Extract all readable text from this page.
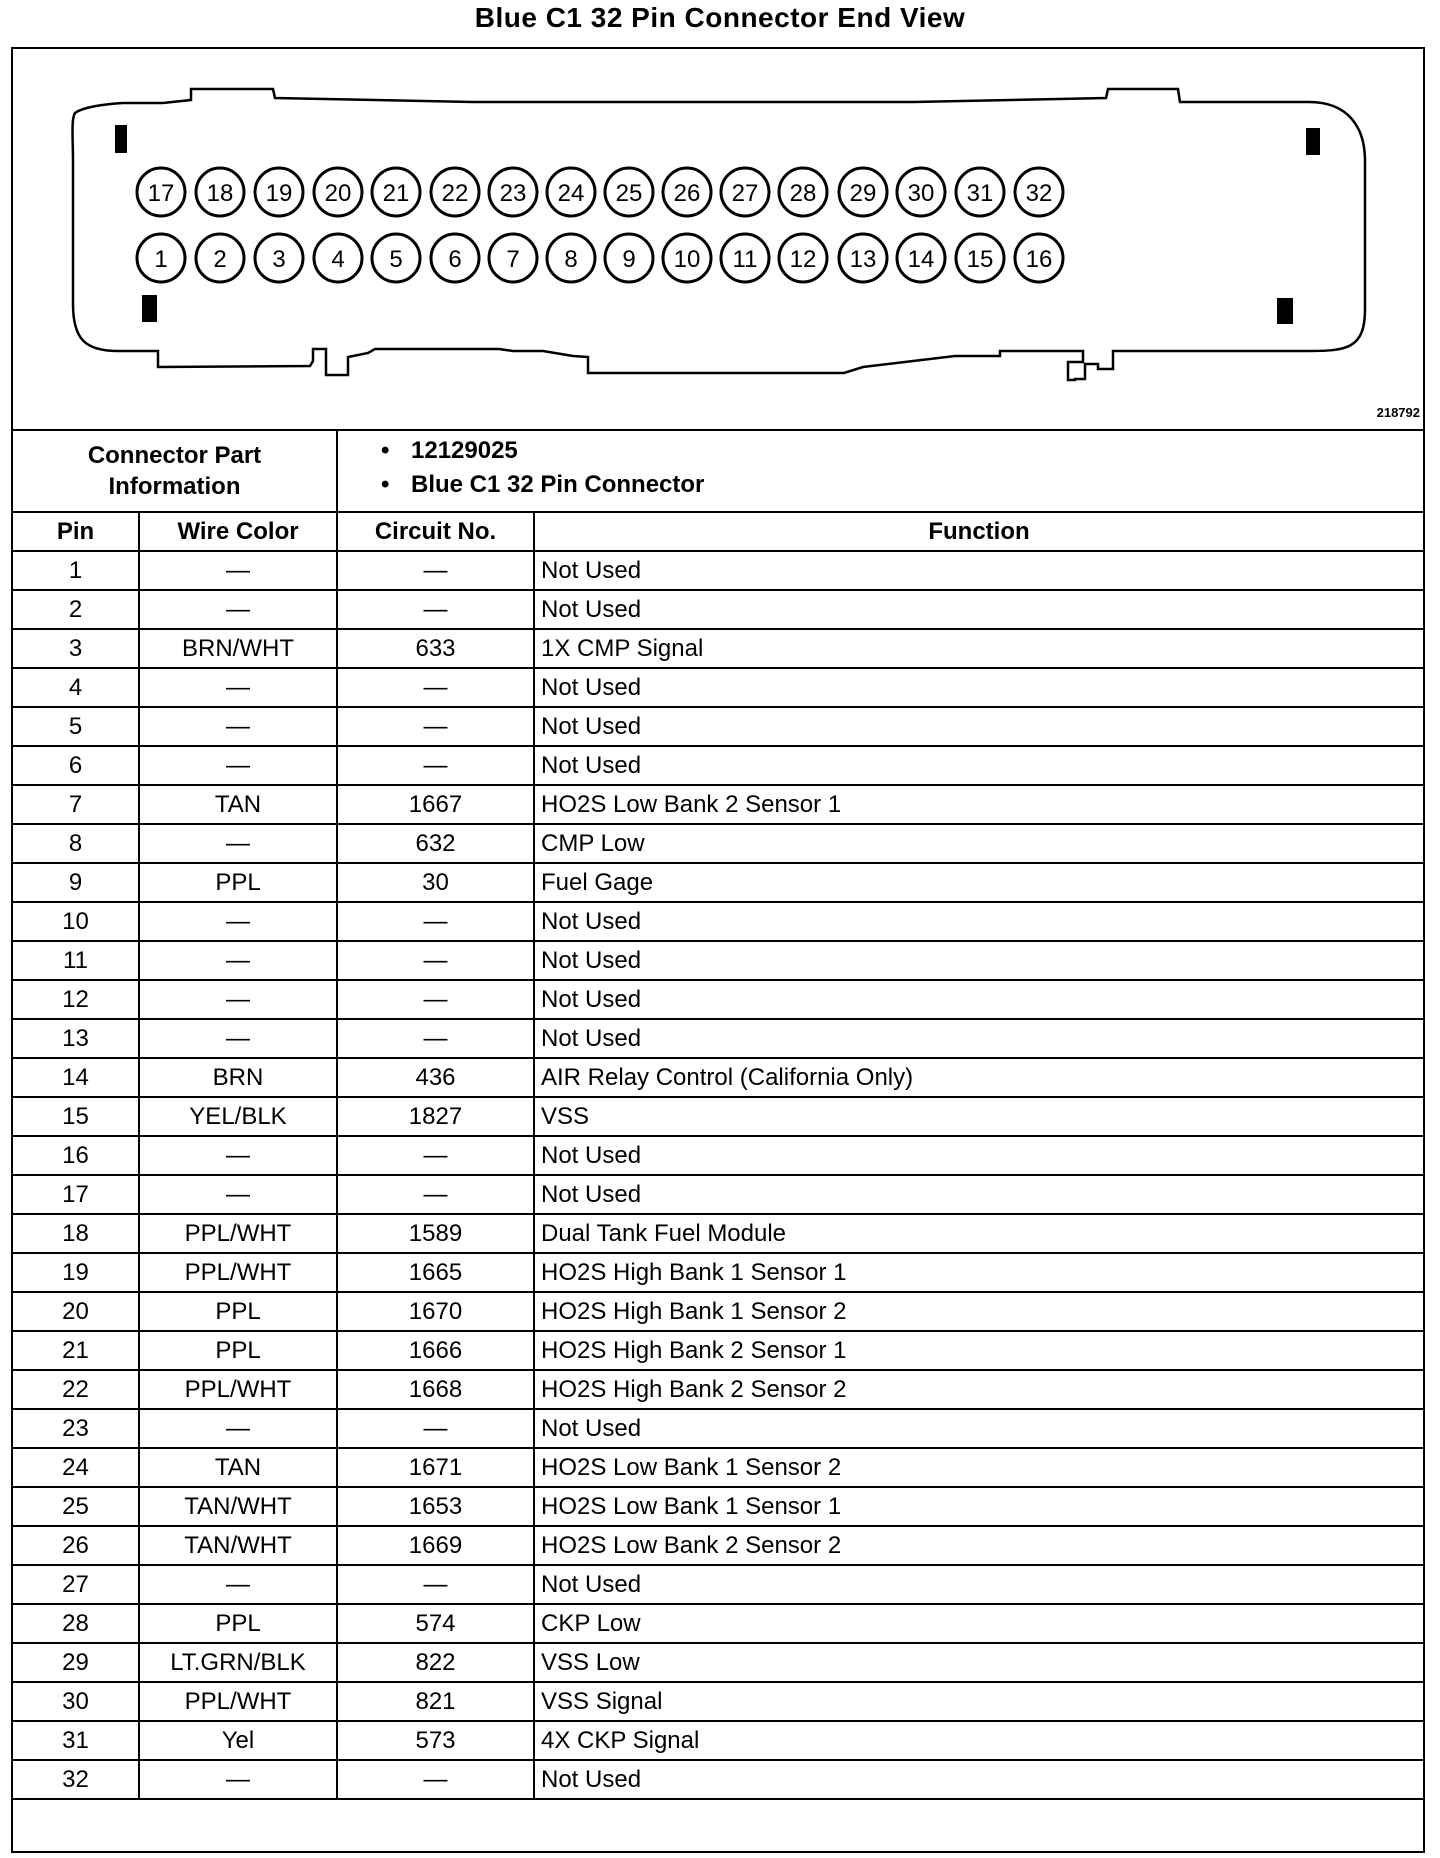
Blue C1 32 Pin Connector End View
17 18 19 20 21 22 23 24 25 26 27 28 29 30 31 32
1 2 3 4 5 6 7 8 9 10 11 12 13 14 15 16
218792
Connector Part
Information
• 12129025
• Blue C1 32 Pin Connector
Pin	Wire Color	Circuit No.	Function
1	—	—	Not Used
2	—	—	Not Used
3	BRN/WHT	633	1X CMP Signal
4	—	—	Not Used
5	—	—	Not Used
6	—	—	Not Used
7	TAN	1667	HO2S Low Bank 2 Sensor 1
8	—	632	CMP Low
9	PPL	30	Fuel Gage
10	—	—	Not Used
11	—	—	Not Used
12	—	—	Not Used
13	—	—	Not Used
14	BRN	436	AIR Relay Control (California Only)
15	YEL/BLK	1827	VSS
16	—	—	Not Used
17	—	—	Not Used
18	PPL/WHT	1589	Dual Tank Fuel Module
19	PPL/WHT	1665	HO2S High Bank 1 Sensor 1
20	PPL	1670	HO2S High Bank 1 Sensor 2
21	PPL	1666	HO2S High Bank 2 Sensor 1
22	PPL/WHT	1668	HO2S High Bank 2 Sensor 2
23	—	—	Not Used
24	TAN	1671	HO2S Low Bank 1 Sensor 2
25	TAN/WHT	1653	HO2S Low Bank 1 Sensor 1
26	TAN/WHT	1669	HO2S Low Bank 2 Sensor 2
27	—	—	Not Used
28	PPL	574	CKP Low
29	LT.GRN/BLK	822	VSS Low
30	PPL/WHT	821	VSS Signal
31	Yel	573	4X CKP Signal
32	—	—	Not Used
